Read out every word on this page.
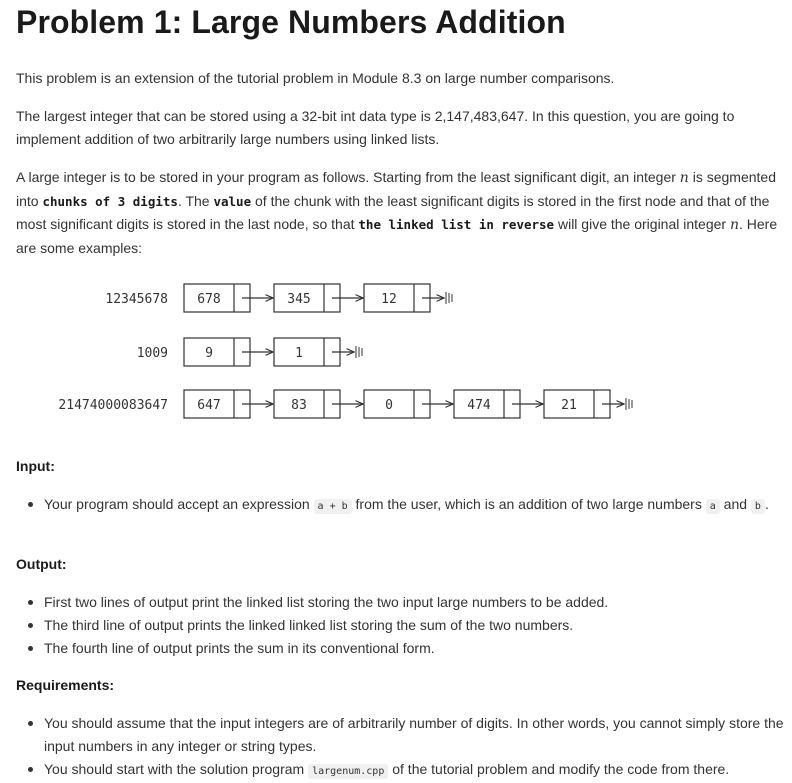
Problem 1: Large Numbers Addition

This problem is an extension of the tutorial problem in Module 8.3 on large number comparisons.

The largest integer that can be stored using a 32-bit int data type is 2,147,483,647. In this question, you are going to implement addition of two arbitrarily large numbers using linked lists.

A large integer is to be stored in your program as follows. Starting from the least significant digit, an integer n is segmented into chunks of 3 digits. The value of the chunk with the least significant digits is stored in the first node and that of the most significant digits is stored in the last node, so that the linked list in reverse will give the original integer n. Here are some examples:

12345678 678	345	12
1009	9	1
21474000083647 647	83	0	474	21
Input:
Your program should accept an expression a + b from the user, which is an addition of two large numbers a and b .
Output:
First two lines of output print the linked list storing the two input large numbers to be added.
The third line of output prints the linked linked list storing the sum of the two numbers.
The fourth line of output prints the sum in its conventional form.
Requirements:
You should assume that the input integers are of arbitrarily number of digits. In other words, you cannot simply store the input numbers in any integer or string types.
You should start with the solution program largenum.cpp of the tutorial problem and modify the code from there.
